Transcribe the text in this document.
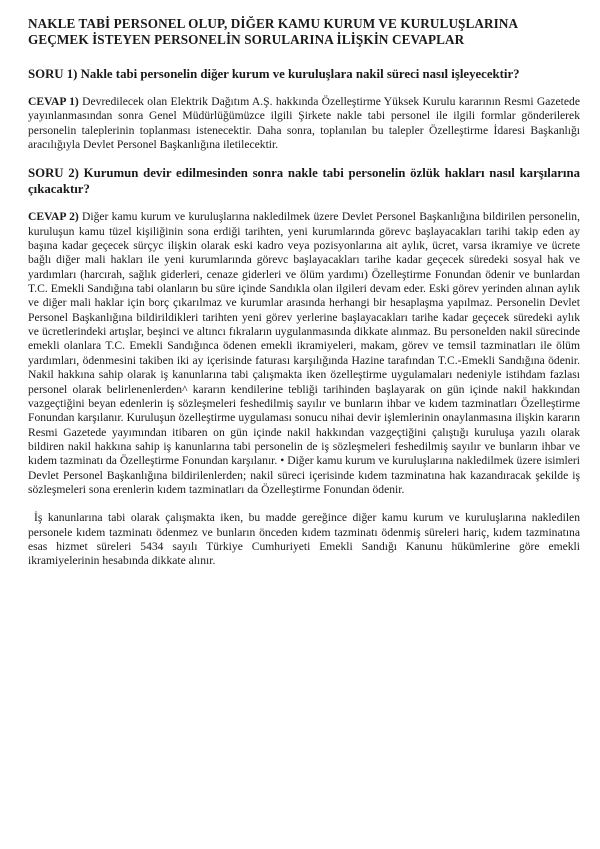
NAKLE TABİ PERSONEL OLUP, DİĞER KAMU KURUM VE KURULUŞLARINA GEÇMEK İSTEYEN PERSONELİN SORULARINA İLİŞKİN CEVAPLAR
SORU 1) Nakle tabi personelin diğer kurum ve kuruluşlara nakil süreci nasıl işleyecektir?
CEVAP 1) Devredilecek olan Elektrik Dağıtım A.Ş. hakkında Özelleştirme Yüksek Kurulu kararının Resmi Gazetede yayınlanmasından sonra Genel Müdürlüğümüzce ilgili Şirkete nakle tabi personel ile ilgili formlar gönderilerek personelin taleplerinin toplanması istenecektir. Daha sonra, toplanılan bu talepler Özelleştirme İdaresi Başkanlığı aracılığıyla Devlet Personel Başkanlığına iletilecektir.
SORU 2) Kurumun devir edilmesinden sonra nakle tabi personelin özlük hakları nasıl karşılarına çıkacaktır?
CEVAP 2) Diğer kamu kurum ve kuruluşlarına nakledilmek üzere Devlet Personel Başkanlığına bildirilen personelin, kuruluşun kamu tüzel kişiliğinin sona erdiği tarihten, yeni kurumlarında görevc başlayacakları tarihi takip eden ay başına kadar geçecek sürçyc ilişkin olarak eski kadro veya pozisyonlarına ait aylık, ücret, varsa ikramiye ve ücrete bağlı diğer mali hakları ile yeni kurumlarında görevc başlayacakları tarihe kadar geçecek süredeki sosyal hak ve yardımları (harcırah, sağlık giderleri, cenaze giderleri ve ölüm yardımı) Özelleştirme Fonundan ödenir ve bunlardan T.C. Emekli Sandığına tabi olanların bu süre içinde Sandıkla olan ilgileri devam eder. Eski görev yerinden alınan aylık ve diğer mali haklar için borç çıkarılmaz ve kurumlar arasında herhangi bir hesaplaşma yapılmaz. Personelin Devlet Personel Başkanlığına bildirildikleri tarihten yeni görev yerlerine başlayacakları tarihe kadar geçecek süredeki aylık ve ücretlerindeki artışlar, beşinci ve altıncı fıkraların uygulanmasında dikkate alınmaz. Bu personelden nakil sürecinde emekli olanlara T.C. Emekli Sandığınca ödenen emekli ikramiyeleri, makam, görev ve temsil tazminatları ile ölüm yardımları, ödenmesini takiben iki ay içerisinde faturası karşılığında Hazine tarafından T.C.-Emekli Sandığına ödenir. Nakil hakkına sahip olarak iş kanunlarına tabi çalışmakta iken özelleştirme uygulamaları nedeniyle istihdam fazlası personel olarak belirlenenlerden^ kararın kendilerine tebliği tarihinden başlayarak on gün içinde nakil hakkından vazgeçtiğini beyan edenlerin iş sözleşmeleri feshedilmiş sayılır ve bunların ihbar ve kıdem tazminatları Özelleştirme Fonundan karşılanır. Kuruluşun özelleştirme uygulaması sonucu nihai devir işlemlerinin onaylanmasına ilişkin kararın Resmi Gazetede yayımından itibaren on gün içinde nakil hakkından vazgeçtiğini çalıştığı kuruluşa yazılı olarak bildiren nakil hakkına sahip iş kanunlarına tabi personelin de iş sözleşmeleri feshedilmiş sayılır ve bunların ihbar ve kıdem tazminatı da Özelleştirme Fonundan karşılanır. • Diğer kamu kurum ve kuruluşlarına nakledilmek üzere isimleri Devlet Personel Başkanlığına bildirilenlerden; nakil süreci içerisinde kıdem tazminatına hak kazandıracak şekilde iş sözleşmeleri sona erenlerin kıdem tazminatları da Özelleştirme Fonundan ödenir.
İş kanunlarına tabi olarak çalışmakta iken, bu madde gereğince diğer kamu kurum ve kuruluşlarına nakledilen personele kıdem tazminatı ödenmez ve bunların önceden kıdem tazminatı ödenmiş süreleri hariç, kıdem tazminatına esas hizmet süreleri 5434 sayılı Türkiye Cumhuriyeti Emekli Sandığı Kanunu hükümlerine göre emekli ikramiyelerinin hesabında dikkate alınır.
